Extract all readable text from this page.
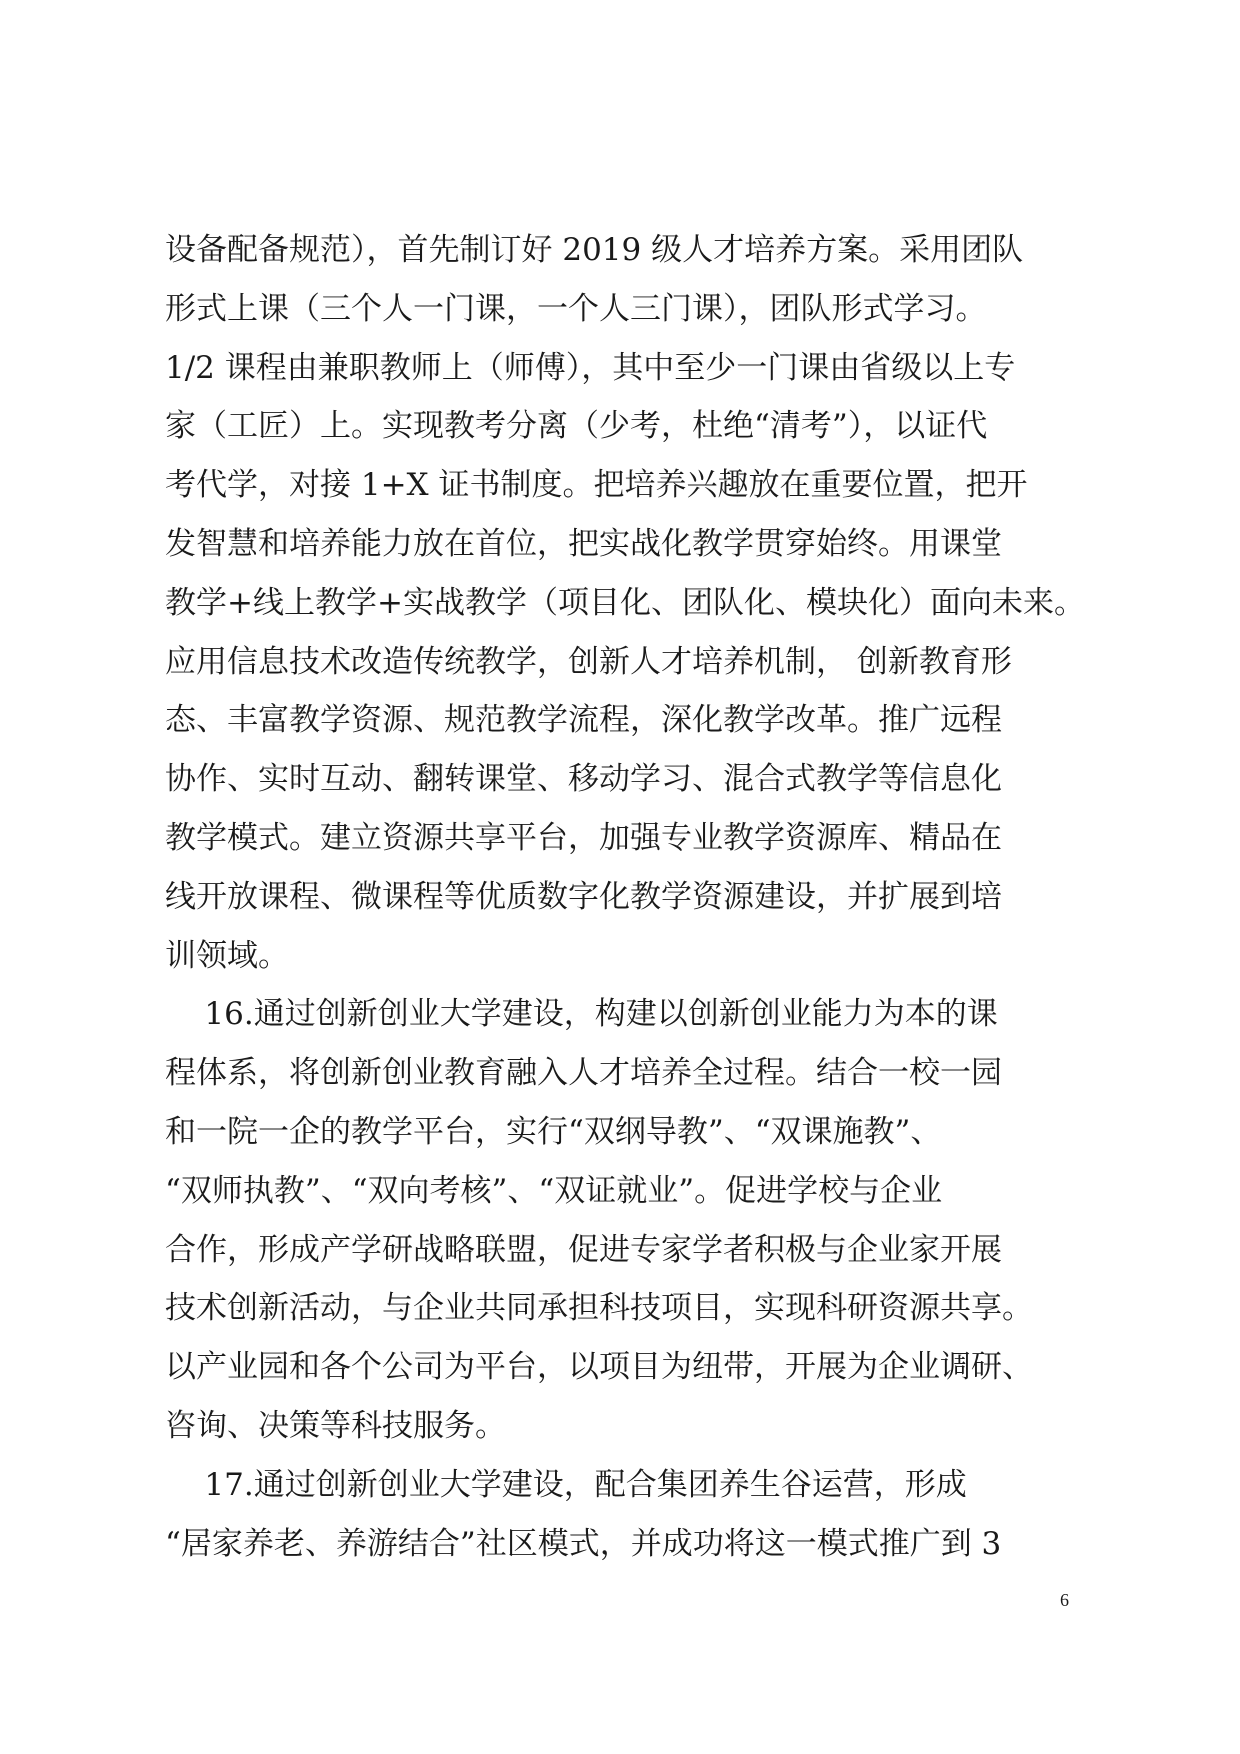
设备配备规范），首先制订好 2019 级人才培养方案。采用团队
形式上课（三个人一门课，一个人三门课），团队形式学习。
1/2 课程由兼职教师上（师傅），其中至少一门课由省级以上专
家（工匠）上。实现教考分离（少考，杜绝“清考”），以证代
考代学，对接 1+X 证书制度。把培养兴趣放在重要位置，把开
发智慧和培养能力放在首位，把实战化教学贯穿始终。用课堂
教学+线上教学+实战教学（项目化、团队化、模块化）面向未来。
应用信息技术改造传统教学，创新人才培养机制， 创新教育形
态、丰富教学资源、规范教学流程，深化教学改革。推广远程
协作、实时互动、翻转课堂、移动学习、混合式教学等信息化
教学模式。建立资源共享平台，加强专业教学资源库、精品在
线开放课程、微课程等优质数字化教学资源建设，并扩展到培
训领域。
16.通过创新创业大学建设，构建以创新创业能力为本的课
程体系，将创新创业教育融入人才培养全过程。结合一校一园
和一院一企的教学平台，实行“双纲导教”、“双课施教”、
“双师执教”、“双向考核”、“双证就业”。促进学校与企业
合作，形成产学研战略联盟，促进专家学者积极与企业家开展
技术创新活动，与企业共同承担科技项目，实现科研资源共享。
以产业园和各个公司为平台，以项目为纽带，开展为企业调研、
咨询、决策等科技服务。
17.通过创新创业大学建设，配合集团养生谷运营，形成
“居家养老、养游结合”社区模式，并成功将这一模式推广到 3
6
